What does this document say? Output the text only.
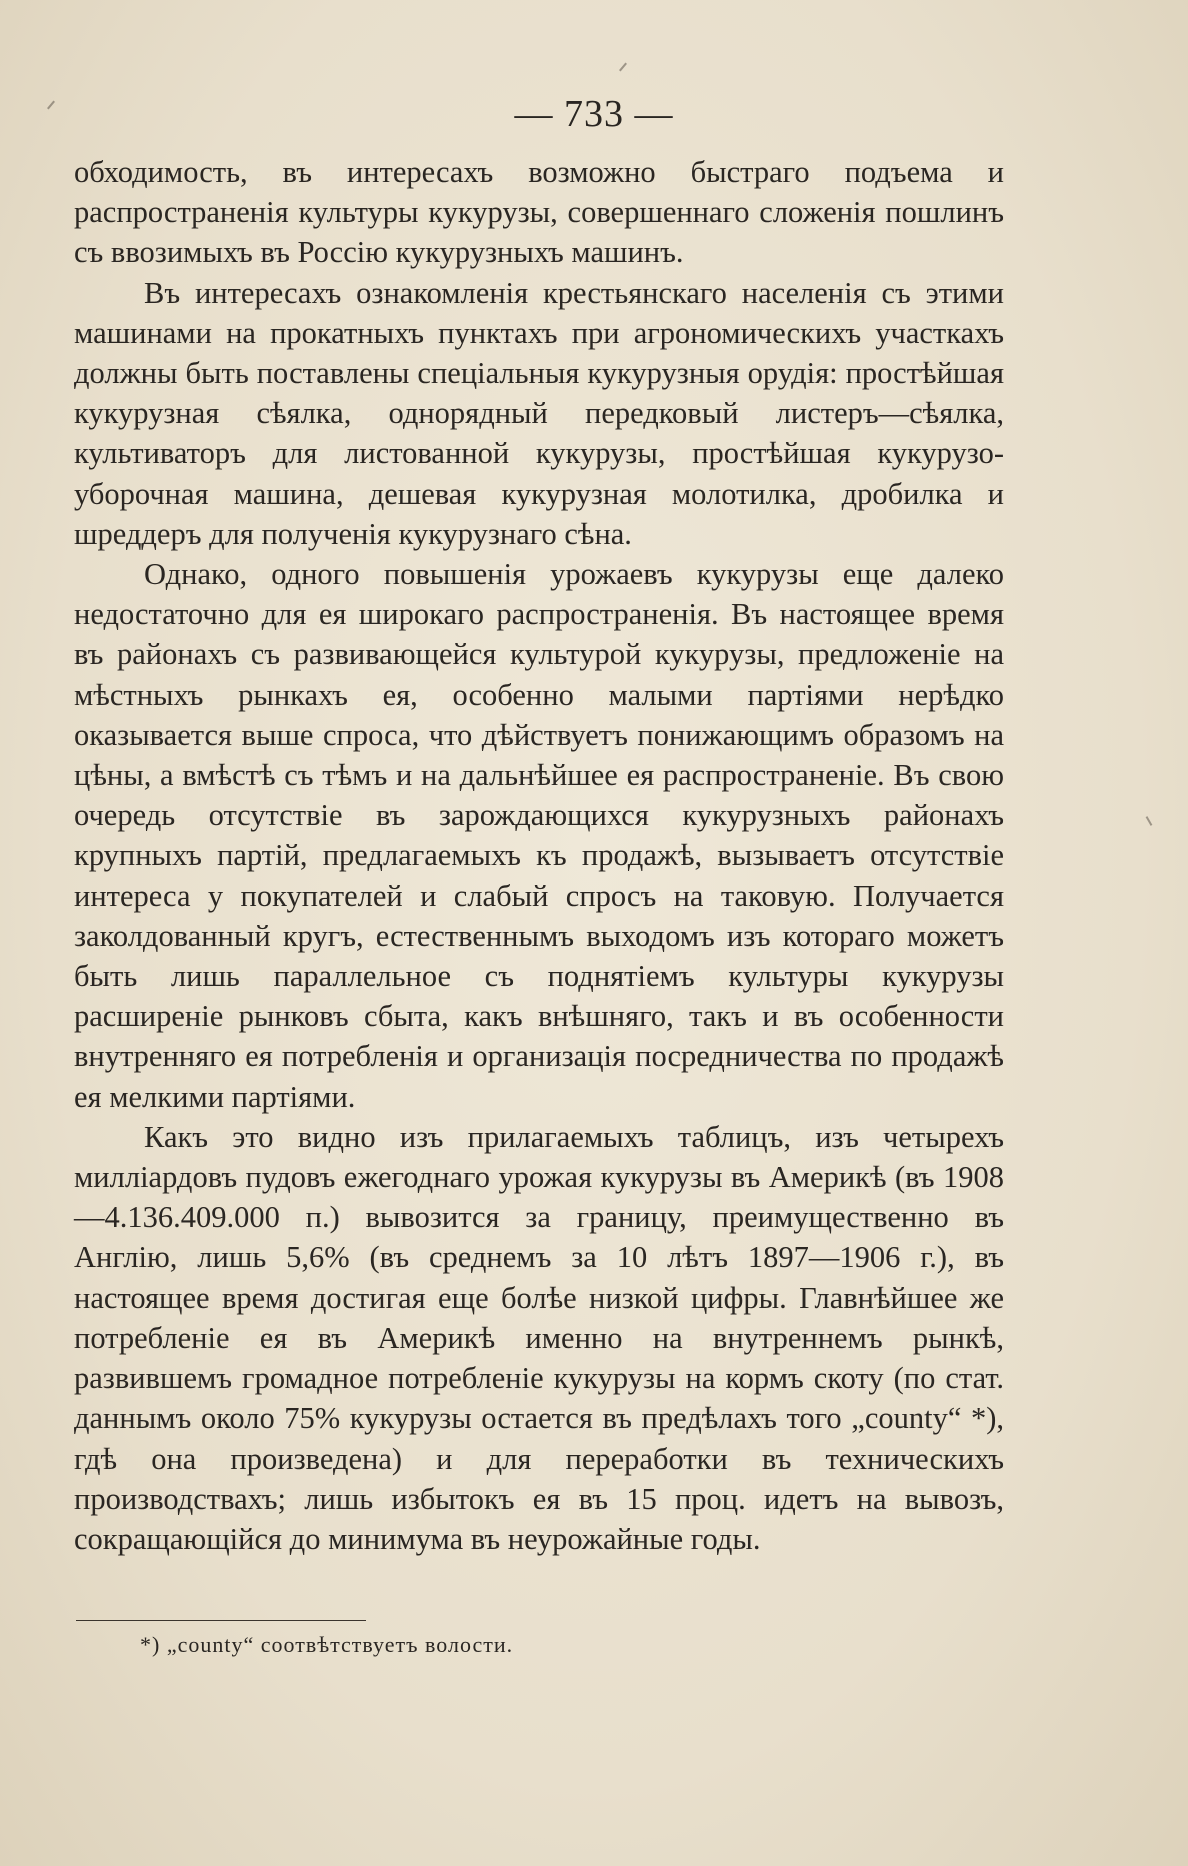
— 733 —

обходимость, въ интересахъ возможно быстраго подъема и распространенія культуры кукурузы, совершеннаго сложенія пошлинъ съ ввозимыхъ въ Россію кукурузныхъ машинъ.

Въ интересахъ ознакомленія крестьянскаго населенія съ этими машинами на прокатныхъ пунктахъ при агрономическихъ участкахъ должны быть поставлены спеціальныя кукурузныя орудія: простѣйшая кукурузная сѣялка, однорядный передковый листеръ—сѣялка, культиваторъ для листованной кукурузы, простѣйшая кукурузо-уборочная машина, дешевая кукурузная молотилка, дробилка и шреддеръ для полученія кукурузнаго сѣна.

Однако, одного повышенія урожаевъ кукурузы еще далеко недостаточно для ея широкаго распространенія. Въ настоящее время въ районахъ съ развивающейся культурой кукурузы, предложеніе на мѣстныхъ рынкахъ ея, особенно малыми партіями нерѣдко оказывается выше спроса, что дѣйствуетъ понижающимъ образомъ на цѣны, а вмѣстѣ съ тѣмъ и на дальнѣйшее ея распространеніе. Въ свою очередь отсутствіе въ зарождающихся кукурузныхъ районахъ крупныхъ партій, предлагаемыхъ къ продажѣ, вызываетъ отсутствіе интереса у покупателей и слабый спросъ на таковую. Получается заколдованный кругъ, естественнымъ выходомъ изъ котораго можетъ быть лишь параллельное съ поднятіемъ культуры кукурузы расширеніе рынковъ сбыта, какъ внѣшняго, такъ и въ особенности внутренняго ея потребленія и организація посредничества по продажѣ ея мелкими партіями.

Какъ это видно изъ прилагаемыхъ таблицъ, изъ четырехъ милліардовъ пудовъ ежегоднаго урожая кукурузы въ Америкѣ (въ 1908—4.136.409.000 п.) вывозится за границу, преимущественно въ Англію, лишь 5,6% (въ среднемъ за 10 лѣтъ 1897—1906 г.), въ настоящее время достигая еще болѣе низкой цифры. Главнѣйшее же потребленіе ея въ Америкѣ именно на внутреннемъ рынкѣ, развившемъ громадное потребленіе кукурузы на кормъ скоту (по стат. даннымъ около 75% кукурузы остается въ предѣлахъ того „county“ *), гдѣ она произведена) и для переработки въ техническихъ производствахъ; лишь избытокъ ея въ 15 проц. идетъ на вывозъ, сокращающійся до минимума въ неурожайные годы.

*) „county“ соотвѣтствуетъ волости.
